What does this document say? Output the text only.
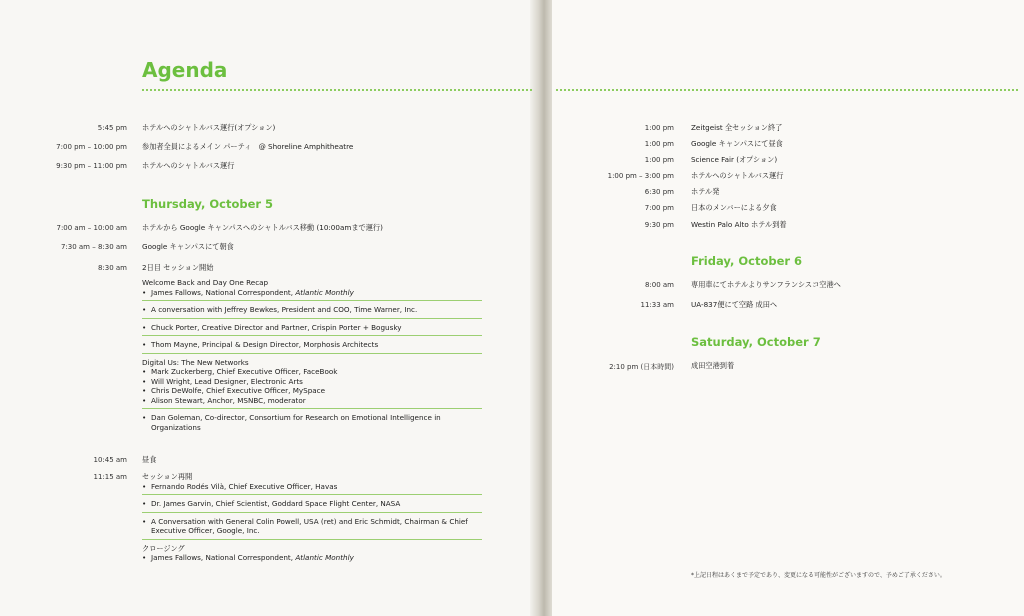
Agenda
5:45 pm ホテルへのシャトルバス運行(オプション)
7:00 pm – 10:00 pm 参加者全員によるメイン パーティ　@ Shoreline Amphitheatre
9:30 pm – 11:00 pm ホテルへのシャトルバス運行
Thursday, October 5
7:00 am – 10:00 am ホテルから Google キャンパスへのシャトルバス移動 (10:00amまで運行)
7:30 am – 8:30 am Google キャンパスにて朝食
8:30 am 2日目 セッション開始
Welcome Back and Day One Recap
• James Fallows, National Correspondent, Atlantic Monthly
• A conversation with Jeffrey Bewkes, President and COO, Time Warner, Inc.
• Chuck Porter, Creative Director and Partner, Crispin Porter + Bogusky
• Thom Mayne, Principal & Design Director, Morphosis Architects
Digital Us: The New Networks
• Mark Zuckerberg, Chief Executive Officer, FaceBook
• Will Wright, Lead Designer, Electronic Arts
• Chris DeWolfe, Chief Executive Officer, MySpace
• Alison Stewart, Anchor, MSNBC, moderator
• Dan Goleman, Co-director, Consortium for Research on Emotional Intelligence in Organizations
10:45 am 昼食
11:15 am セッション再開
• Fernando Rodés Vilà, Chief Executive Officer, Havas
• Dr. James Garvin, Chief Scientist, Goddard Space Flight Center, NASA
• A Conversation with General Colin Powell, USA (ret) and Eric Schmidt, Chairman & Chief Executive Officer, Google, Inc.
クロージング
• James Fallows, National Correspondent, Atlantic Monthly
1:00 pm Zeitgeist 全セッション終了
1:00 pm Google キャンパスにて昼食
1:00 pm Science Fair (オプション)
1:00 pm – 3:00 pm ホテルへのシャトルバス運行
6:30 pm ホテル発
7:00 pm 日本のメンバーによる夕食
9:30 pm Westin Palo Alto ホテル到着
Friday, October 6
8:00 am 専用車にてホテルよりサンフランシスコ空港へ
11:33 am UA-837便にて空路 成田へ
Saturday, October 7
2:10 pm (日本時間) 成田空港到着
*上記日程はあくまで予定であり、変更になる可能性がございますので、予めご了承ください。
